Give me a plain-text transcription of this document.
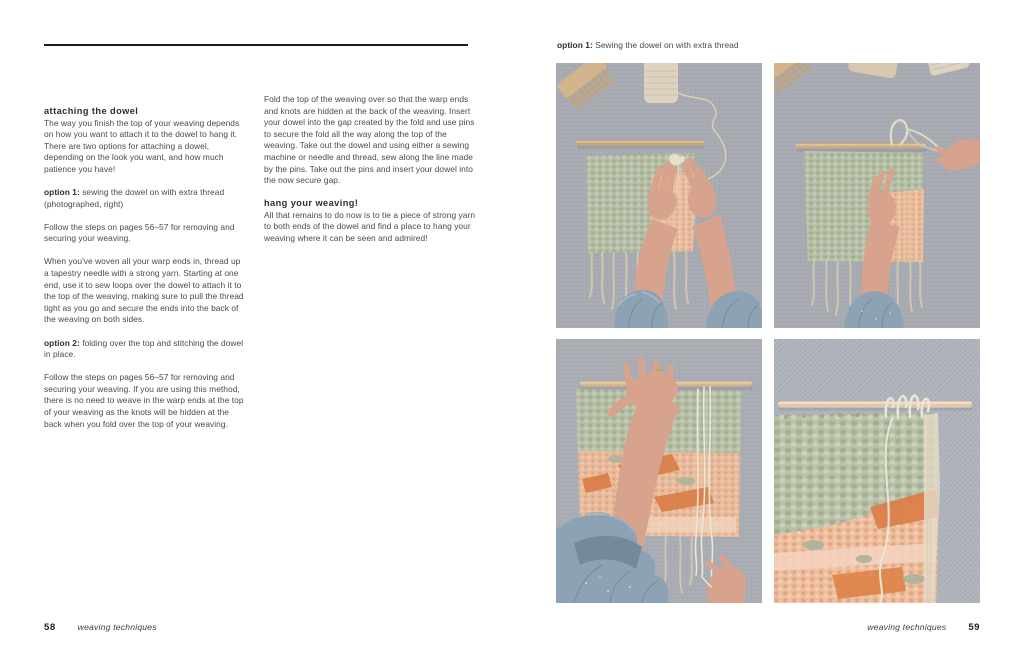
attaching the dowel

The way you finish the top of your weaving depends on how you want to attach it to the dowel to hang it. There are two options for attaching a dowel, depending on the look you want, and how much patience you have!

option 1: sewing the dowel on with extra thread (photographed, right)

Follow the steps on pages 56–57 for removing and securing your weaving.

When you've woven all your warp ends in, thread up a tapestry needle with a strong yarn. Starting at one end, use it to sew loops over the dowel to attach it to the top of the weaving, making sure to pull the thread tight as you go and secure the ends into the back of the weaving on both sides.

option 2: folding over the top and stitching the dowel in place.

Follow the steps on pages 56–57 for removing and securing your weaving. If you are using this method, there is no need to weave in the warp ends at the top of your weaving as the knots will be hidden at the back when you fold over the top of your weaving.

Fold the top of the weaving over so that the warp ends and knots are hidden at the back of the weaving. Insert your dowel into the gap created by the fold and use pins to secure the fold all the way along the top of the weaving. Take out the dowel and using either a sewing machine or needle and thread, sew along the line made by the pins. Take out the pins and insert your dowel into the now secure gap.

hang your weaving!

All that remains to do now is to tie a piece of strong yarn to both ends of the dowel and find a place to hang your weaving where it can be seen and admired!

58	weaving techniques
option 1: Sewing the dowel on with extra thread
weaving techniques 59
